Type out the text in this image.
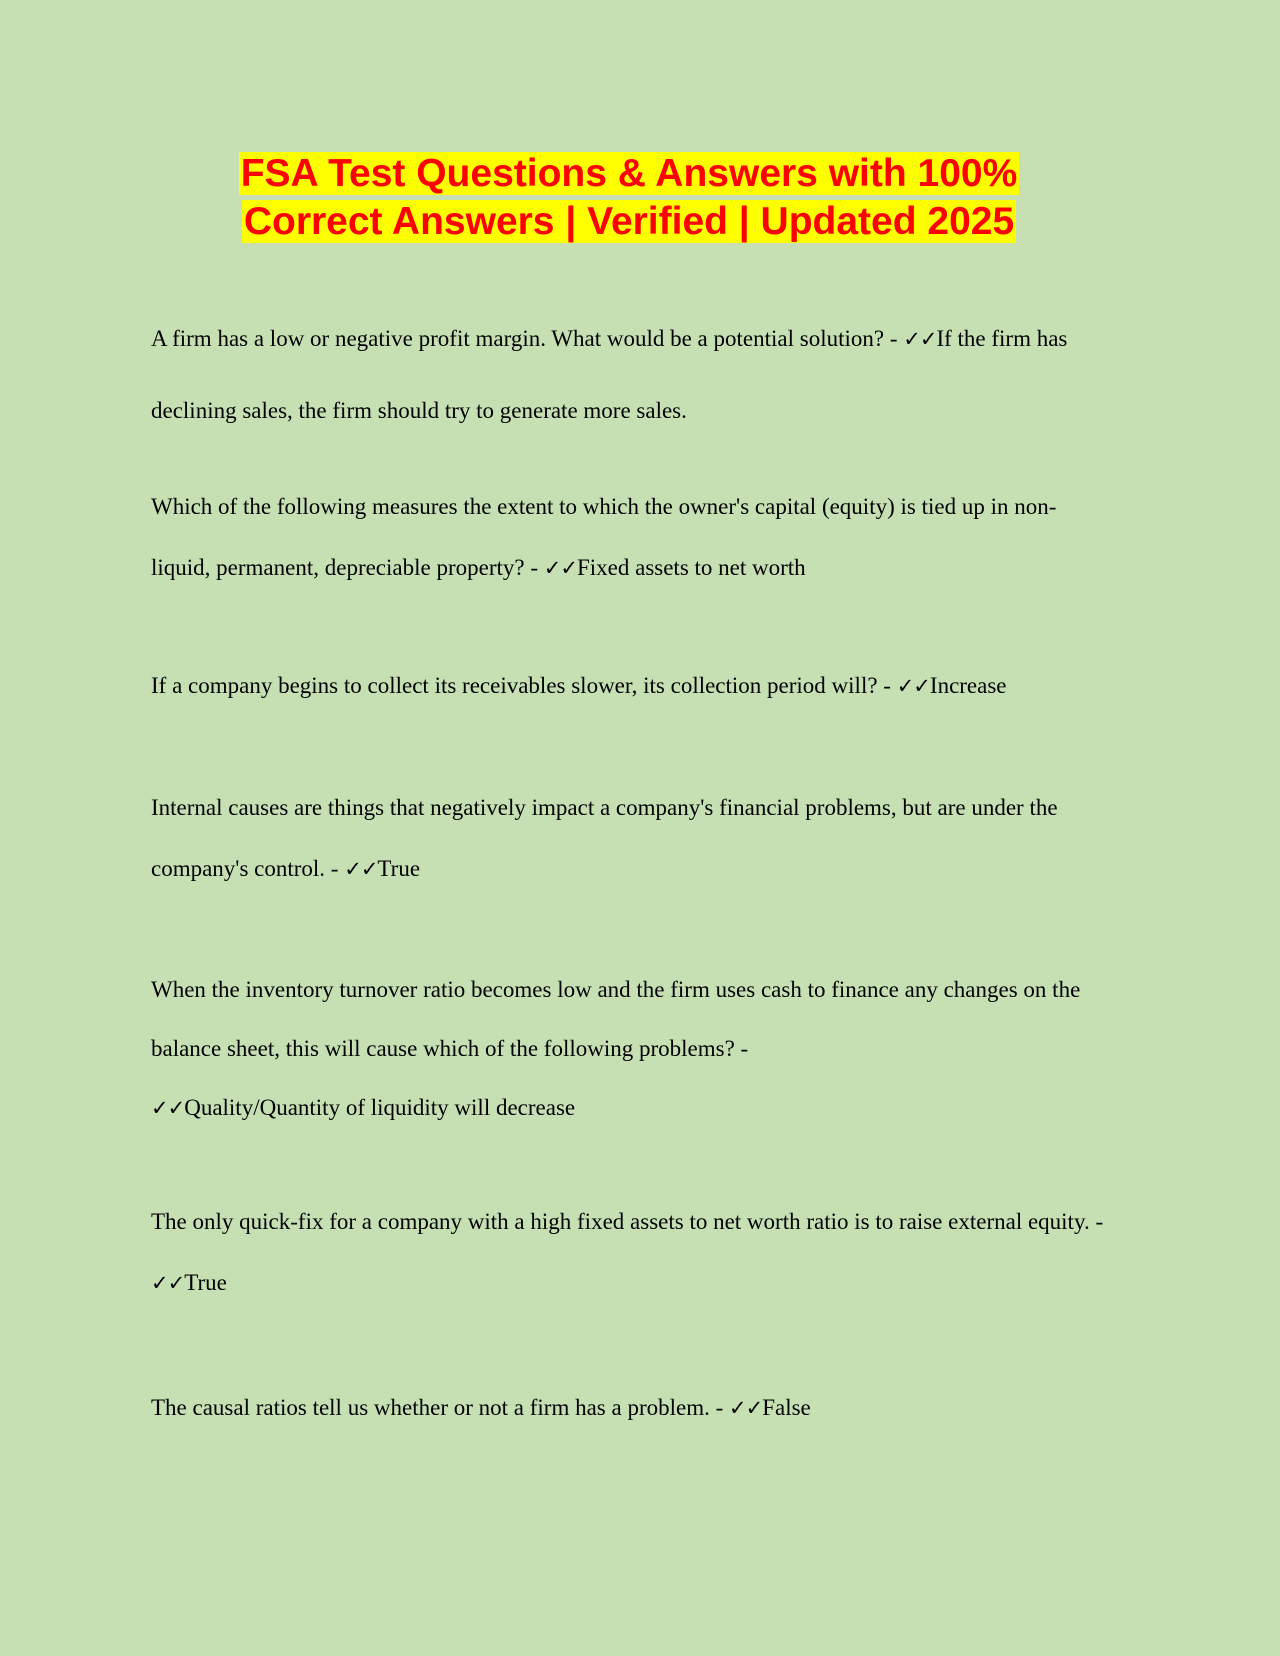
FSA Test Questions & Answers with 100%
Correct Answers | Verified | Updated 2025

A firm has a low or negative profit margin. What would be a potential solution? - ✓✓If the firm has declining sales, the firm should try to generate more sales.

Which of the following measures the extent to which the owner's capital (equity) is tied up in non-liquid, permanent, depreciable property? - ✓✓Fixed assets to net worth

If a company begins to collect its receivables slower, its collection period will? - ✓✓Increase

Internal causes are things that negatively impact a company's financial problems, but are under the company's control. - ✓✓True

When the inventory turnover ratio becomes low and the firm uses cash to finance any changes on the balance sheet, this will cause which of the following problems? -
✓✓Quality/Quantity of liquidity will decrease

The only quick-fix for a company with a high fixed assets to net worth ratio is to raise external equity. - ✓✓True

The causal ratios tell us whether or not a firm has a problem. - ✓✓False
